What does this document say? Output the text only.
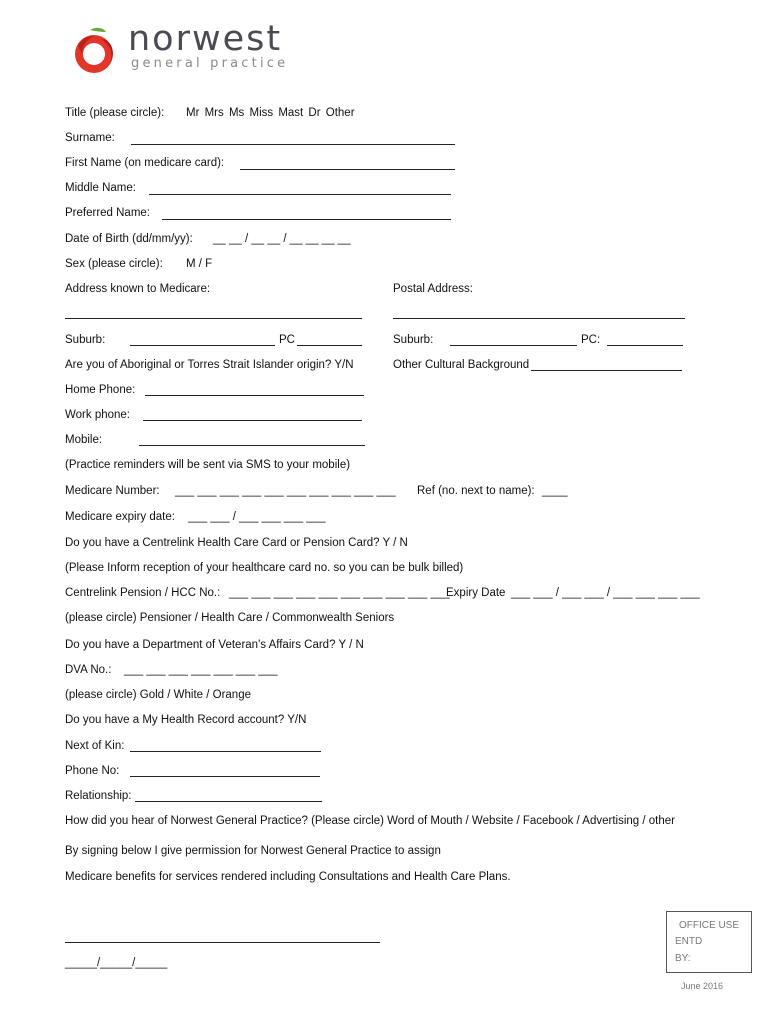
norwest
general practice
Title (please circle): Mr Mrs Ms Miss Mast Dr Other
Surname:
First Name (on medicare card):
Middle Name:
Preferred Name:
Date of Birth (dd/mm/yy): __ __ / __ __ / __ __ __ __
Sex (please circle): M / F
Address known to Medicare:	Postal Address:
Suburb:	PC	Suburb:	PC:
Are you of Aboriginal or Torres Strait Islander origin? Y/N	Other Cultural Background
Home Phone:
Work phone:
Mobile:
(Practice reminders will be sent via SMS to your mobile)
Medicare Number: ___ ___ ___ ___ ___ ___ ___ ___ ___ ___ Ref (no. next to name): ____
Medicare expiry date: ___ ___ / ___ ___ ___ ___
Do you have a Centrelink Health Care Card or Pension Card? Y / N
(Please Inform reception of your healthcare card no. so you can be bulk billed)
Centrelink Pension / HCC No.: ___ ___ ___ ___ ___ ___ ___ ___ ___ ___
Expiry Date ___ ___ / ___ ___ / ___ ___ ___ ___
(please circle) Pensioner / Health Care / Commonwealth Seniors
Do you have a Department of Veteran's Affairs Card? Y / N
DVA No.: ___ ___ ___ ___ ___ ___ ___
(please circle) Gold / White / Orange
Do you have a My Health Record account? Y/N
Next of Kin:
Phone No:
Relationship:
How did you hear of Norwest General Practice? (Please circle) Word of Mouth / Website / Facebook / Advertising / other
By signing below I give permission for Norwest General Practice to assign
Medicare benefits for services rendered including Consultations and Health Care Plans.
_____/_____/_____
OFFICE USE
ENTD
BY:
June 2016
